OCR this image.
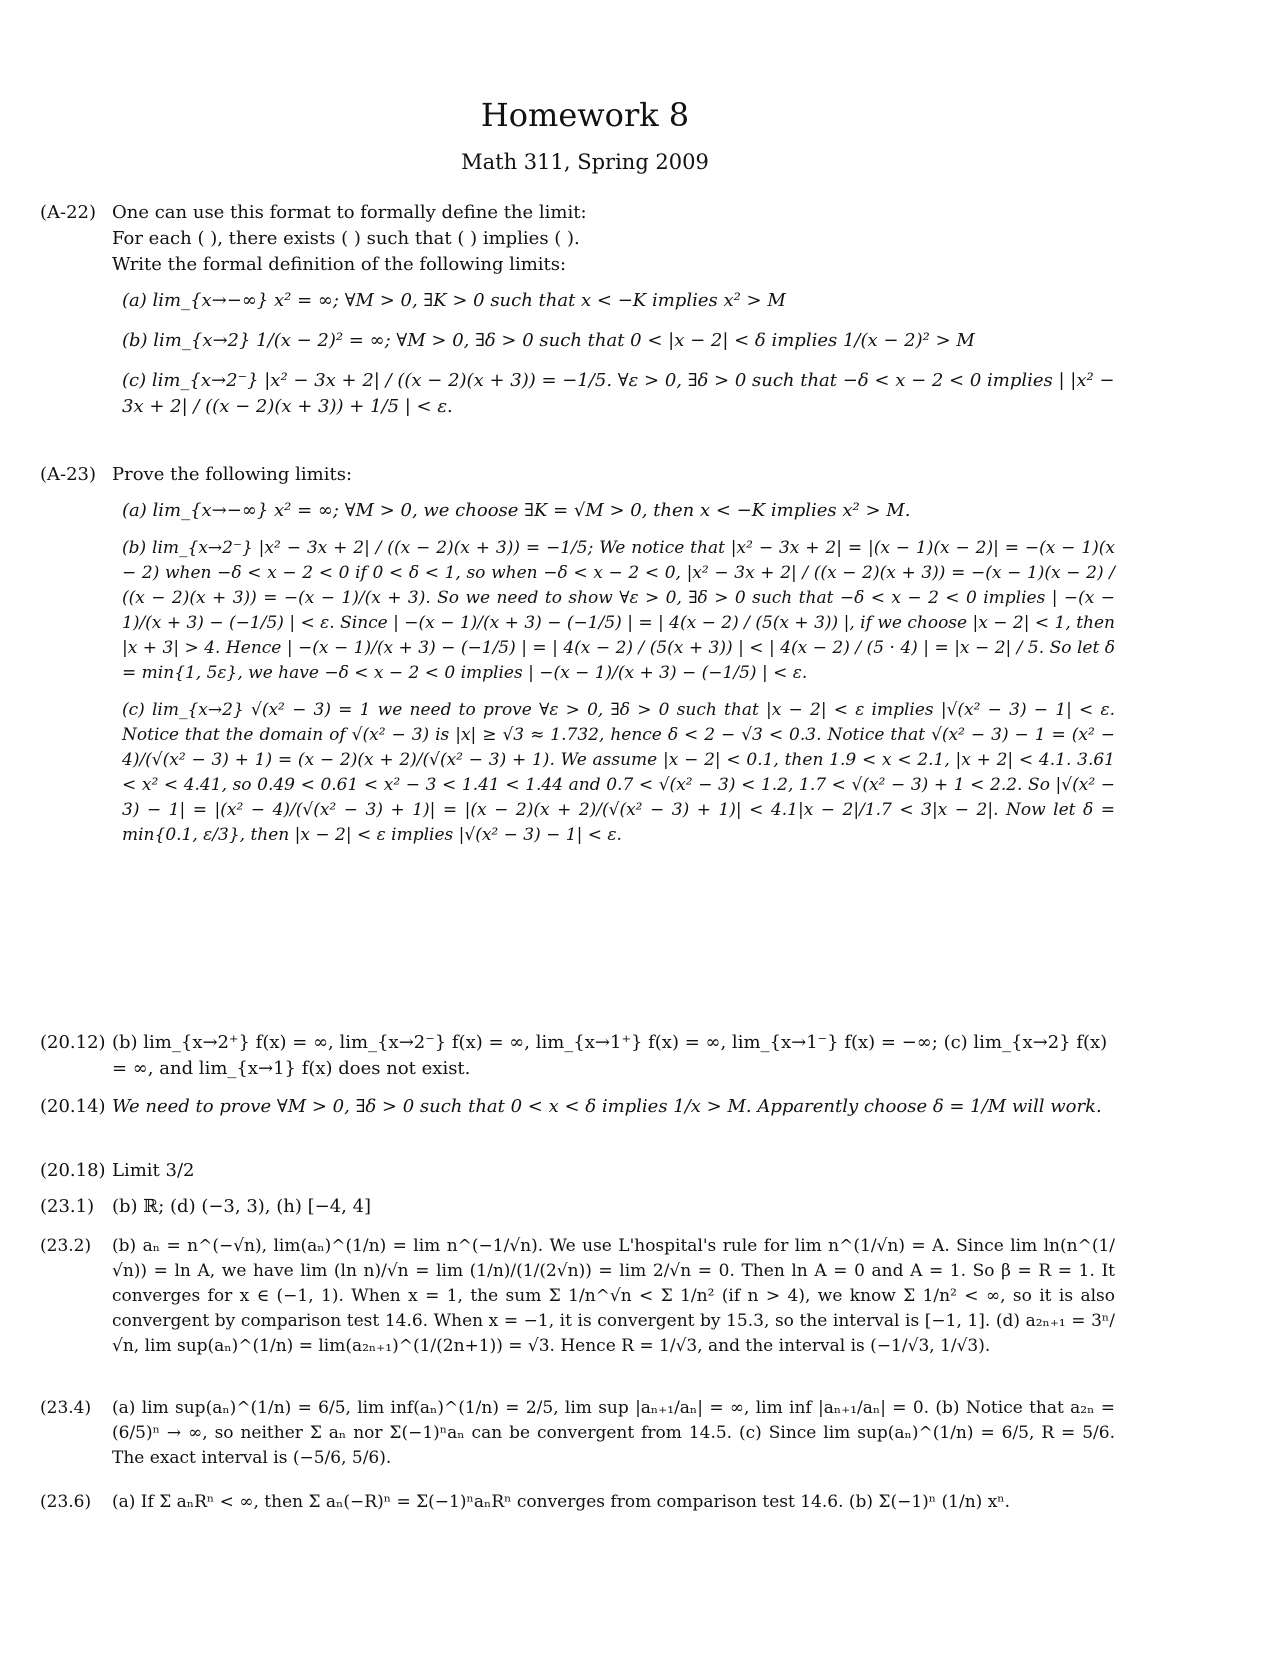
Homework 8
Math 311, Spring 2009
(A-22) One can use this format to formally define the limit:
For each ( ), there exists ( ) such that ( ) implies ( ).
Write the formal definition of the following limits:
(a) lim_{x→−∞} x² = ∞; ∀M > 0, ∃K > 0 such that x < −K implies x² > M
(b) lim_{x→2} 1/(x − 2)² = ∞; ∀M > 0, ∃δ > 0 such that 0 < |x − 2| < δ implies 1/(x − 2)² > M
(c) lim_{x→2⁻} |x² − 3x + 2| / ((x − 2)(x + 3)) = −1/5. ∀ε > 0, ∃δ > 0 such that −δ < x − 2 < 0 implies | |x² − 3x + 2| / ((x − 2)(x + 3)) + 1/5 | < ε.
(A-23) Prove the following limits:
(a) lim_{x→−∞} x² = ∞; ∀M > 0, we choose ∃K = √M > 0, then x < −K implies x² > M.
(b) lim_{x→2⁻} |x² − 3x + 2| / ((x − 2)(x + 3)) = −1/5; We notice that |x² − 3x + 2| = |(x − 1)(x − 2)| = −(x − 1)(x − 2) when −δ < x − 2 < 0 if 0 < δ < 1, so when −δ < x − 2 < 0, |x² − 3x + 2| / ((x − 2)(x + 3)) = −(x − 1)(x − 2) / ((x − 2)(x + 3)) = −(x − 1)/(x + 3). So we need to show ∀ε > 0, ∃δ > 0 such that −δ < x − 2 < 0 implies | −(x − 1)/(x + 3) − (−1/5) | < ε. Since | −(x − 1)/(x + 3) − (−1/5) | = | 4(x − 2) / (5(x + 3)) |, if we choose |x − 2| < 1, then |x + 3| > 4. Hence | −(x − 1)/(x + 3) − (−1/5) | = | 4(x − 2) / (5(x + 3)) | < | 4(x − 2) / (5 · 4) | = |x − 2| / 5. So let δ = min{1, 5ε}, we have −δ < x − 2 < 0 implies | −(x − 1)/(x + 3) − (−1/5) | < ε.
(c) lim_{x→2} √(x² − 3) = 1 we need to prove ∀ε > 0, ∃δ > 0 such that |x − 2| < ε implies |√(x² − 3) − 1| < ε. Notice that the domain of √(x² − 3) is |x| ≥ √3 ≈ 1.732, hence δ < 2 − √3 < 0.3. Notice that √(x² − 3) − 1 = (x² − 4)/(√(x² − 3) + 1) = (x − 2)(x + 2)/(√(x² − 3) + 1). We assume |x − 2| < 0.1, then 1.9 < x < 2.1, |x + 2| < 4.1. 3.61 < x² < 4.41, so 0.49 < 0.61 < x² − 3 < 1.41 < 1.44 and 0.7 < √(x² − 3) < 1.2, 1.7 < √(x² − 3) + 1 < 2.2. So |√(x² − 3) − 1| = |(x² − 4)/(√(x² − 3) + 1)| = |(x − 2)(x + 2)/(√(x² − 3) + 1)| < 4.1|x − 2|/1.7 < 3|x − 2|. Now let δ = min{0.1, ε/3}, then |x − 2| < ε implies |√(x² − 3) − 1| < ε.
(20.12) (b) lim_{x→2⁺} f(x) = ∞, lim_{x→2⁻} f(x) = ∞, lim_{x→1⁺} f(x) = ∞, lim_{x→1⁻} f(x) = −∞; (c) lim_{x→2} f(x) = ∞, and lim_{x→1} f(x) does not exist.
(20.14) We need to prove ∀M > 0, ∃δ > 0 such that 0 < x < δ implies 1/x > M. Apparently choose δ = 1/M will work.
(20.18) Limit 3/2
(23.1) (b) ℝ; (d) (−3, 3), (h) [−4, 4]
(23.2)	(b) aₙ = n^(−√n), lim(aₙ)^(1/n) = lim n^(−1/√n). We use L'hospital's rule for lim n^(1/√n) = A. Since lim ln(n^(1/√n)) = ln A, we have lim (ln n)/√n = lim (1/n)/(1/(2√n)) = lim 2/√n = 0. Then ln A = 0 and A = 1. So β = R = 1. It converges for x ∈ (−1, 1). When x = 1, the sum Σ 1/n^√n < Σ 1/n² (if n > 4), we know Σ 1/n² < ∞, so it is also convergent by comparison test 14.6. When x = −1, it is convergent by 15.3, so the interval is [−1, 1]. (d) a₂ₙ₊₁ = 3ⁿ/√n, lim sup(aₙ)^(1/n) = lim(a₂ₙ₊₁)^(1/(2n+1)) = √3. Hence R = 1/√3, and the interval is (−1/√3, 1/√3).
(23.4)	(a) lim sup(aₙ)^(1/n) = 6/5, lim inf(aₙ)^(1/n) = 2/5, lim sup |aₙ₊₁/aₙ| = ∞, lim inf |aₙ₊₁/aₙ| = 0. (b) Notice that a₂ₙ = (6/5)ⁿ → ∞, so neither Σ aₙ nor Σ(−1)ⁿaₙ can be convergent from 14.5. (c) Since lim sup(aₙ)^(1/n) = 6/5, R = 5/6. The exact interval is (−5/6, 5/6).
(23.6)	(a) If Σ aₙRⁿ < ∞, then Σ aₙ(−R)ⁿ = Σ(−1)ⁿaₙRⁿ converges from comparison test 14.6. (b) Σ(−1)ⁿ (1/n) xⁿ.
